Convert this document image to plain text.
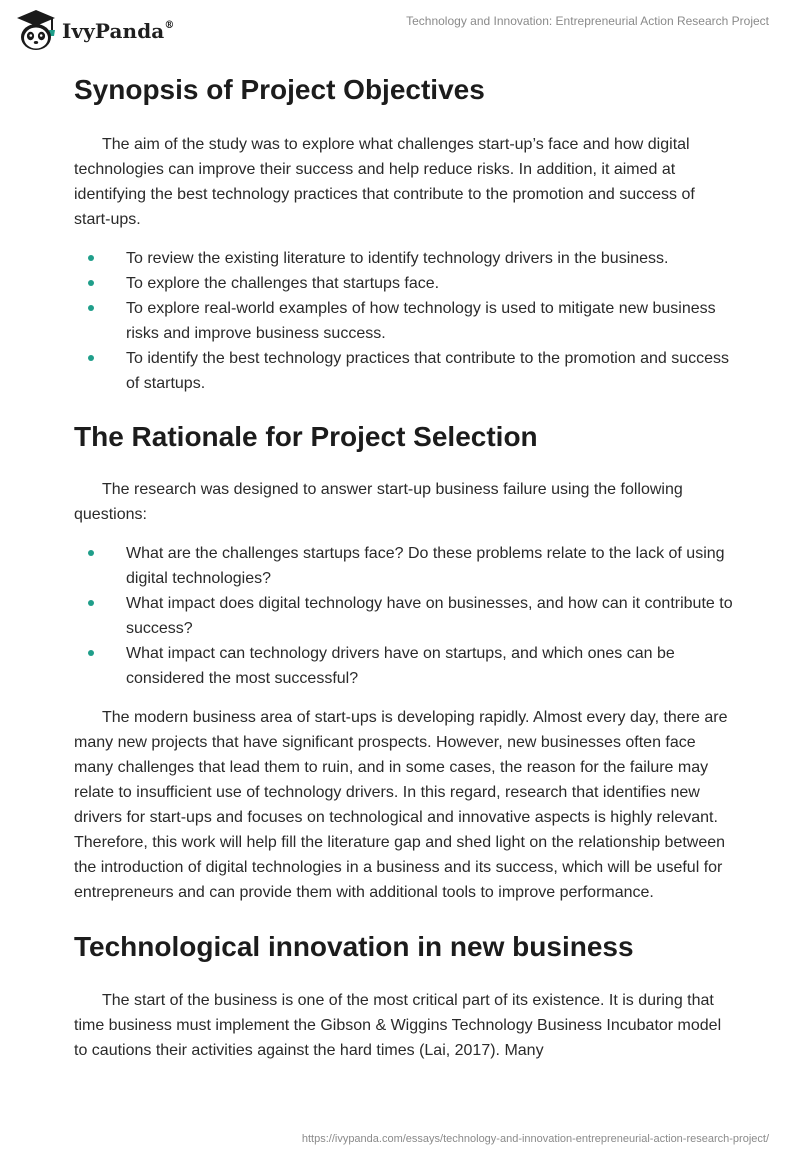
IvyPanda®	Technology and Innovation: Entrepreneurial Action Research Project
Synopsis of Project Objectives

The aim of the study was to explore what challenges start-up’s face and how digital technologies can improve their success and help reduce risks. In addition, it aimed at identifying the best technology practices that contribute to the promotion and success of start-ups.

To review the existing literature to identify technology drivers in the business.
To explore the challenges that startups face.
To explore real-world examples of how technology is used to mitigate new business risks and improve business success.
To identify the best technology practices that contribute to the promotion and success of startups.
The Rationale for Project Selection

The research was designed to answer start-up business failure using the following questions:

What are the challenges startups face? Do these problems relate to the lack of using digital technologies?
What impact does digital technology have on businesses, and how can it contribute to success?
What impact can technology drivers have on startups, and which ones can be considered the most successful?

The modern business area of start-ups is developing rapidly. Almost every day, there are many new projects that have significant prospects. However, new businesses often face many challenges that lead them to ruin, and in some cases, the reason for the failure may relate to insufficient use of technology drivers. In this regard, research that identifies new drivers for start-ups and focuses on technological and innovative aspects is highly relevant. Therefore, this work will help fill the literature gap and shed light on the relationship between the introduction of digital technologies in a business and its success, which will be useful for entrepreneurs and can provide them with additional tools to improve performance.

Technological innovation in new business

The start of the business is one of the most critical part of its existence. It is during that time business must implement the Gibson & Wiggins Technology Business Incubator model to cautions their activities against the hard times (Lai, 2017). Many

https://ivypanda.com/essays/technology-and-innovation-entrepreneurial-action-research-project/
